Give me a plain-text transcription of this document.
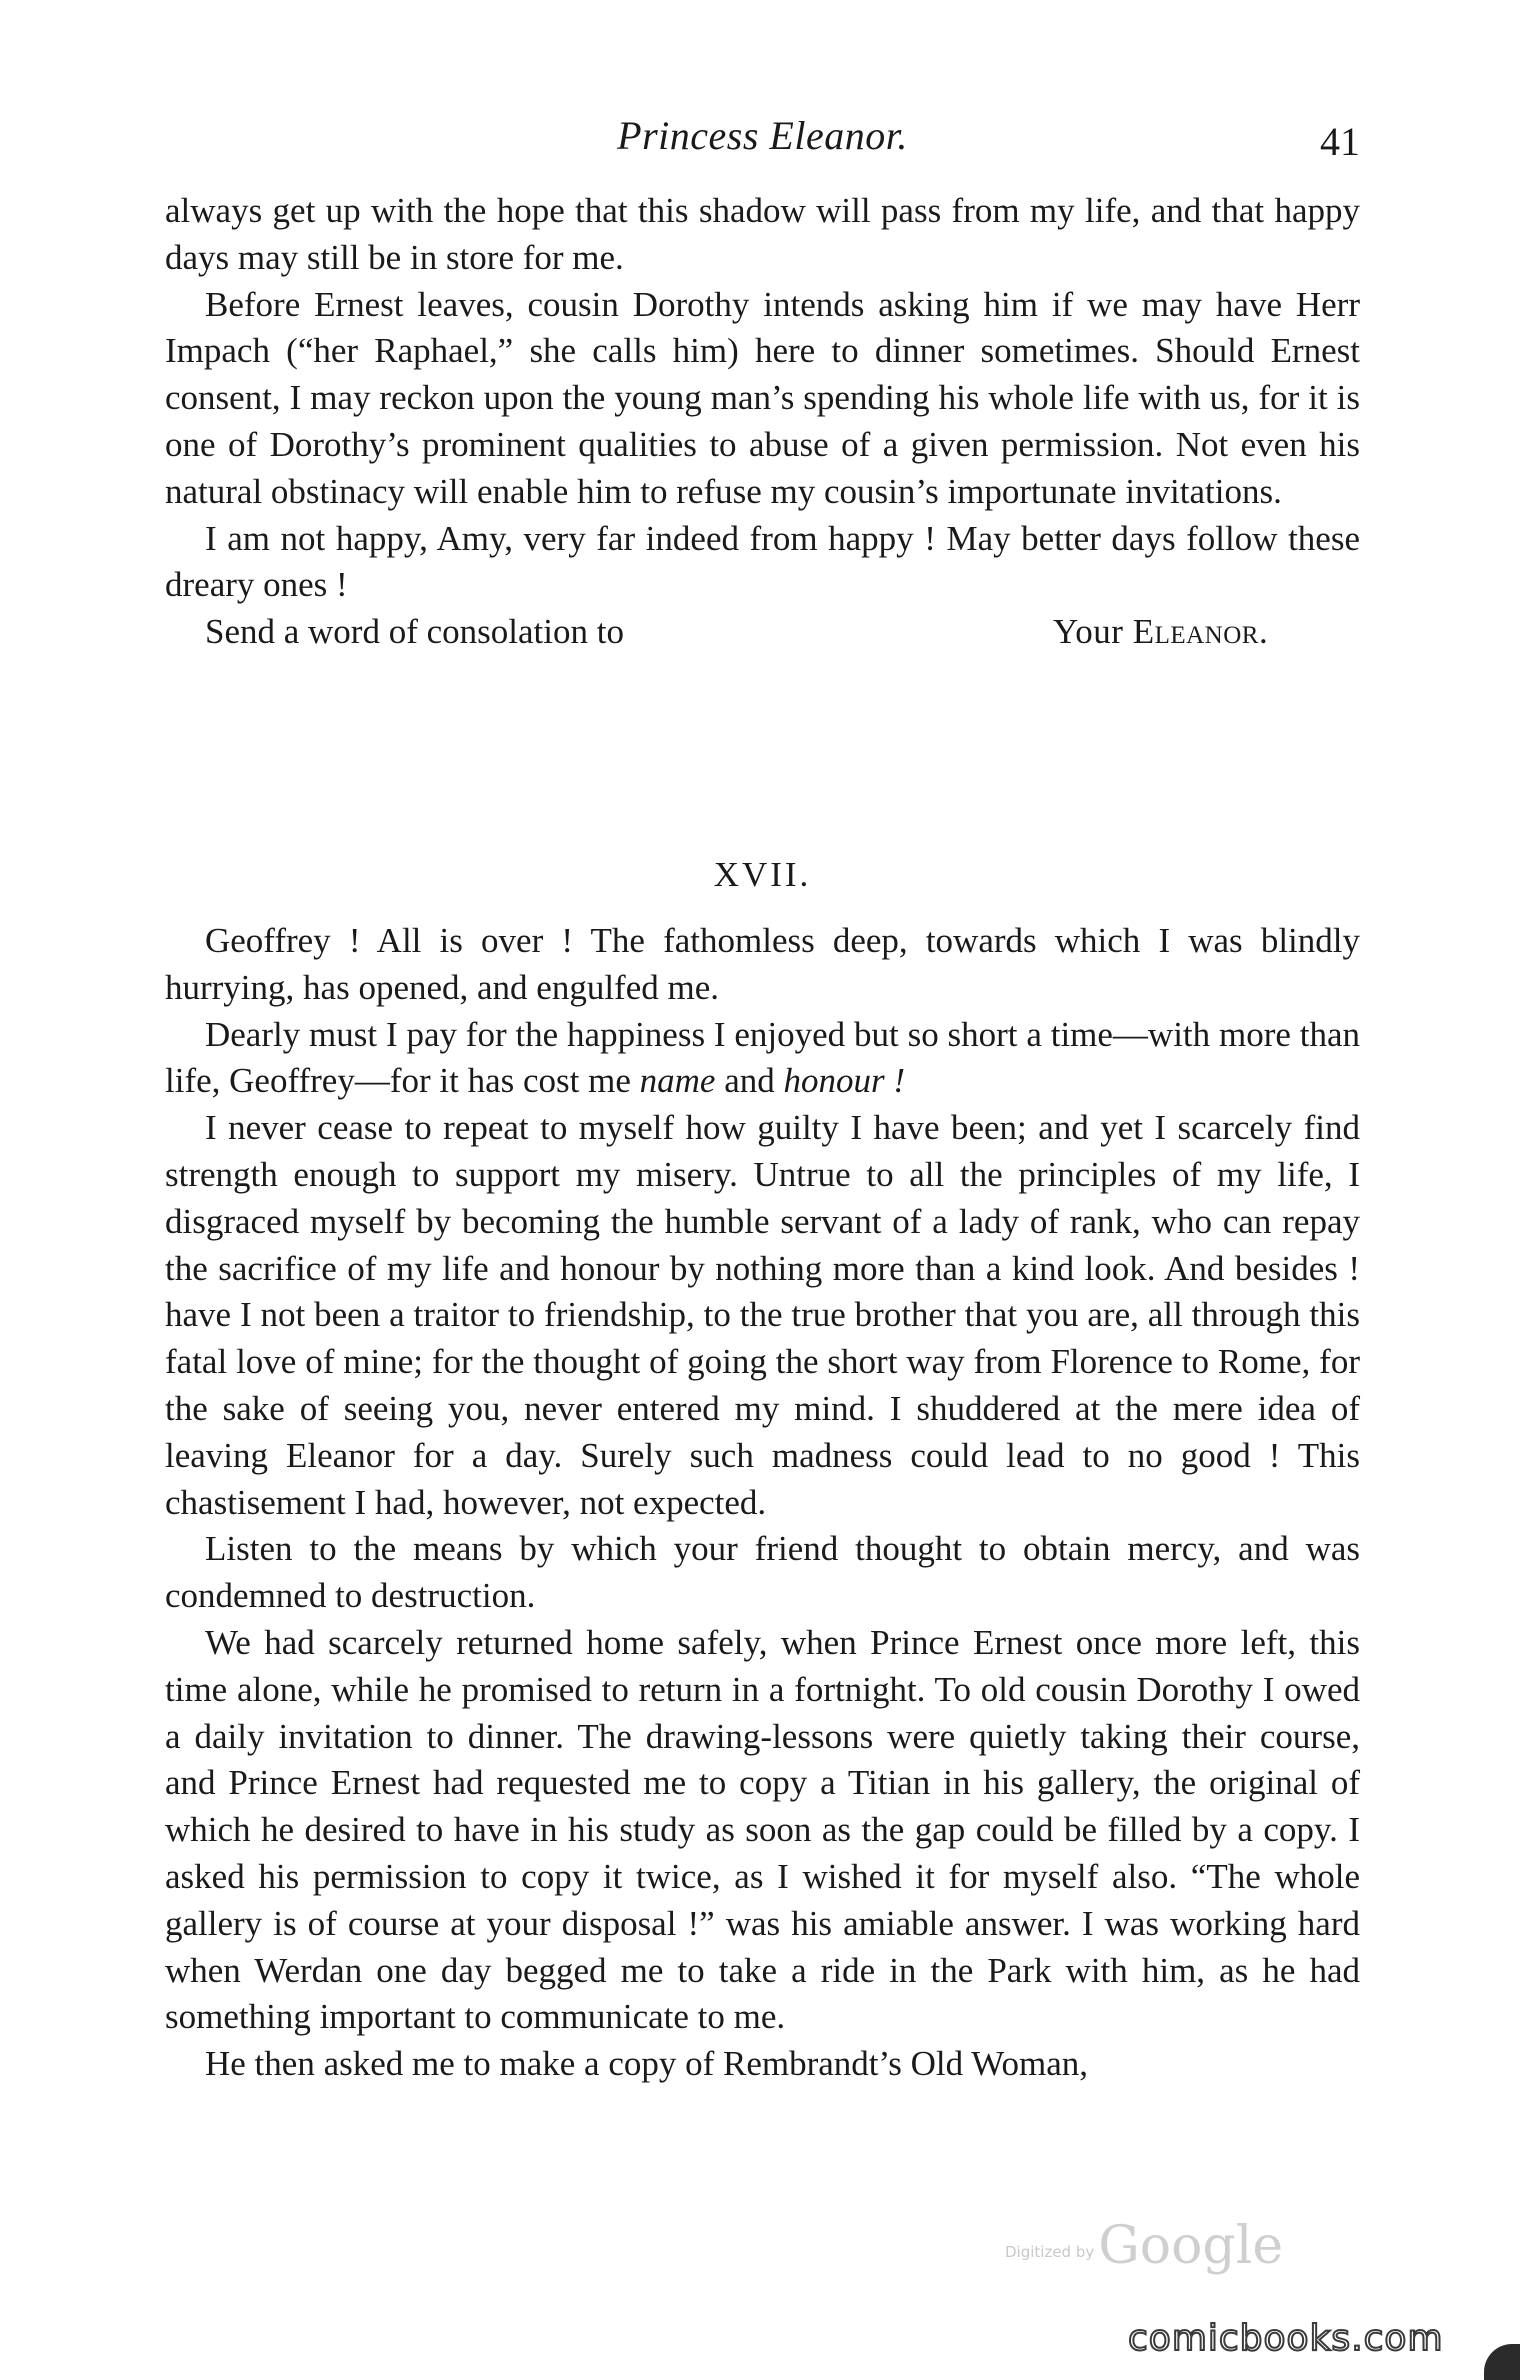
Princess Eleanor.	41

always get up with the hope that this shadow will pass from my life, and that happy days may still be in store for me.

Before Ernest leaves, cousin Dorothy intends asking him if we may have Herr Impach (“her Raphael,” she calls him) here to dinner sometimes. Should Ernest consent, I may reckon upon the young man’s spending his whole life with us, for it is one of Dorothy’s prominent qualities to abuse of a given permission. Not even his natural obstinacy will enable him to refuse my cousin’s importunate invitations.

I am not happy, Amy, very far indeed from happy ! May better days follow these dreary ones !

Send a word of consolation to	Your Eleanor.

XVII.

Geoffrey ! All is over ! The fathomless deep, towards which I was blindly hurrying, has opened, and engulfed me.

Dearly must I pay for the happiness I enjoyed but so short a time—with more than life, Geoffrey—for it has cost me name and honour !

I never cease to repeat to myself how guilty I have been; and yet I scarcely find strength enough to support my misery. Untrue to all the principles of my life, I disgraced myself by becoming the humble servant of a lady of rank, who can repay the sacrifice of my life and honour by nothing more than a kind look. And besides ! have I not been a traitor to friendship, to the true brother that you are, all through this fatal love of mine; for the thought of going the short way from Florence to Rome, for the sake of seeing you, never entered my mind. I shuddered at the mere idea of leaving Eleanor for a day. Surely such madness could lead to no good ! This chastisement I had, however, not expected.

Listen to the means by which your friend thought to obtain mercy, and was condemned to destruction.

We had scarcely returned home safely, when Prince Ernest once more left, this time alone, while he promised to return in a fortnight. To old cousin Dorothy I owed a daily invitation to dinner. The drawing-lessons were quietly taking their course, and Prince Ernest had requested me to copy a Titian in his gallery, the original of which he desired to have in his study as soon as the gap could be filled by a copy. I asked his permission to copy it twice, as I wished it for myself also. “The whole gallery is of course at your disposal !” was his amiable answer. I was working hard when Werdan one day begged me to take a ride in the Park with him, as he had something important to communicate to me.

He then asked me to make a copy of Rembrandt’s Old Woman,

Digitized byGoogle
comicbooks.com
